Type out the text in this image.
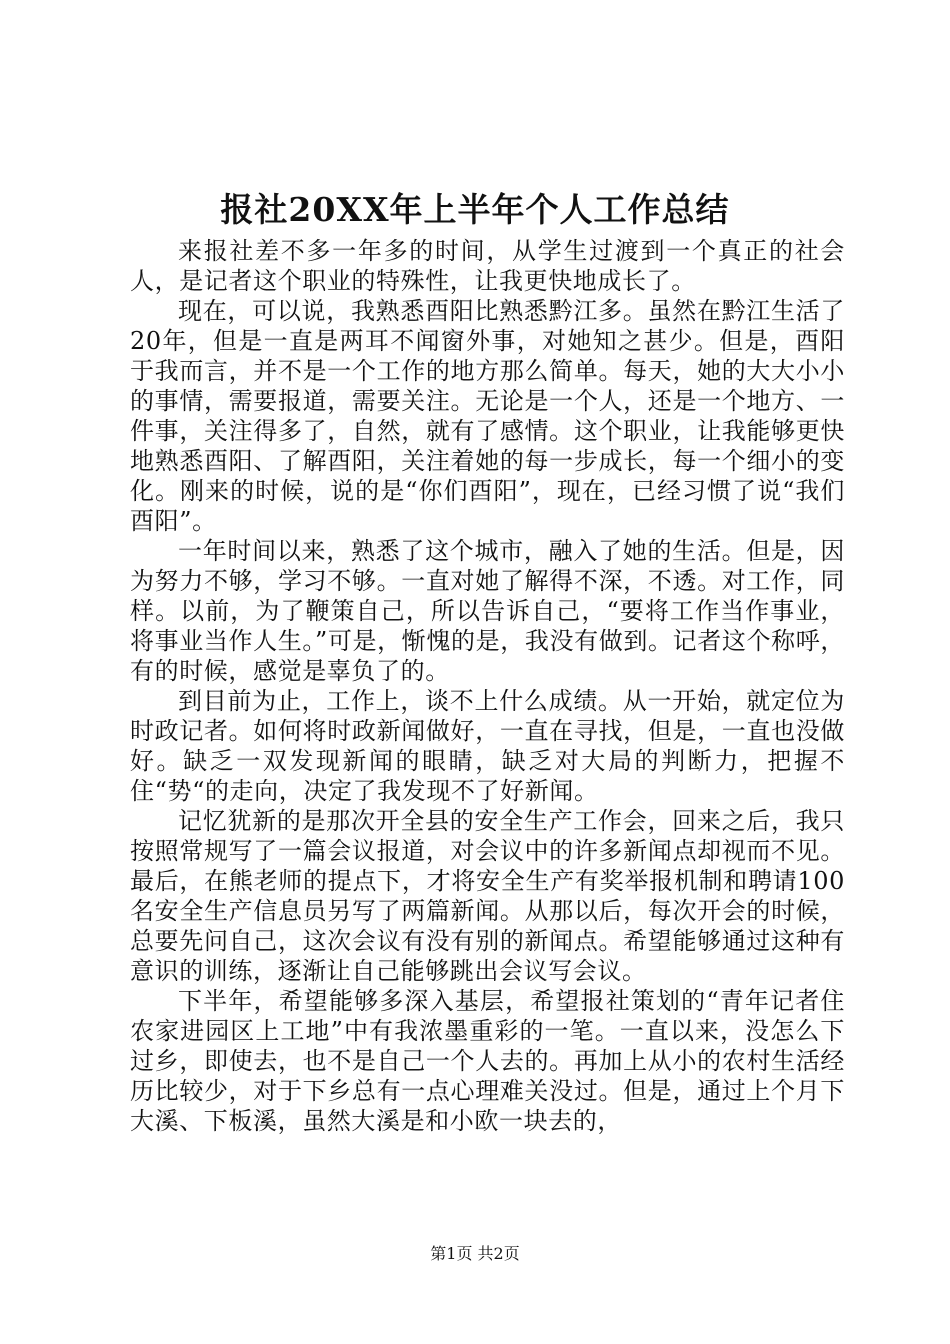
报社20XX年上半年个人工作总结

来报社差不多一年多的时间，从学生过渡到一个真正的社会人，是记者这个职业的特殊性，让我更快地成长了。

现在，可以说，我熟悉酉阳比熟悉黔江多。虽然在黔江生活了20年，但是一直是两耳不闻窗外事，对她知之甚少。但是，酉阳于我而言，并不是一个工作的地方那么简单。每天，她的大大小小的事情，需要报道，需要关注。无论是一个人，还是一个地方、一件事，关注得多了，自然，就有了感情。这个职业，让我能够更快地熟悉酉阳、了解酉阳，关注着她的每一步成长，每一个细小的变化。刚来的时候，说的是“你们酉阳”，现在，已经习惯了说“我们酉阳”。

一年时间以来，熟悉了这个城市，融入了她的生活。但是，因为努力不够，学习不够。一直对她了解得不深，不透。对工作，同样。以前，为了鞭策自己，所以告诉自己，“要将工作当作事业，将事业当作人生。”可是，惭愧的是，我没有做到。记者这个称呼，有的时候，感觉是辜负了的。

到目前为止，工作上，谈不上什么成绩。从一开始，就定位为时政记者。如何将时政新闻做好，一直在寻找，但是，一直也没做好。缺乏一双发现新闻的眼睛，缺乏对大局的判断力，把握不住“势“的走向，决定了我发现不了好新闻。

记忆犹新的是那次开全县的安全生产工作会，回来之后，我只按照常规写了一篇会议报道，对会议中的许多新闻点却视而不见。最后，在熊老师的提点下，才将安全生产有奖举报机制和聘请100名安全生产信息员另写了两篇新闻。从那以后，每次开会的时候，总要先问自己，这次会议有没有别的新闻点。希望能够通过这种有意识的训练，逐渐让自己能够跳出会议写会议。

下半年，希望能够多深入基层，希望报社策划的“青年记者住农家进园区上工地”中有我浓墨重彩的一笔。一直以来，没怎么下过乡，即使去，也不是自己一个人去的。再加上从小的农村生活经历比较少，对于下乡总有一点心理难关没过。但是，通过上个月下大溪、下板溪，虽然大溪是和小欧一块去的，

第1页 共2页
